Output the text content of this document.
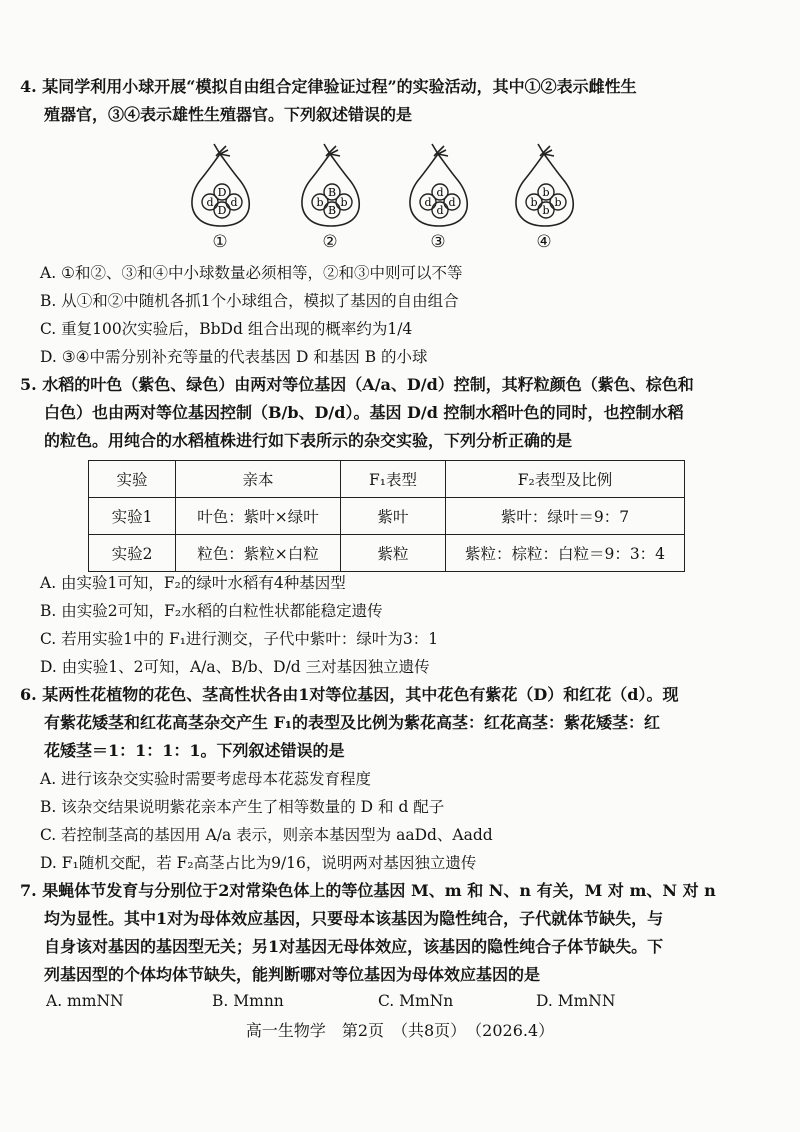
4. 某同学利用小球开展“模拟自由组合定律验证过程”的实验活动，其中①②表示雌性生
殖器官，③④表示雄性生殖器官。下列叙述错误的是
D
d
D
d
①
B
b
B
b
②
d
d
d
d
③
b
b
b
b
④
A. ①和②、③和④中小球数量必须相等，②和③中则可以不等
B. 从①和②中随机各抓1个小球组合，模拟了基因的自由组合
C. 重复100次实验后，BbDd 组合出现的概率约为1/4
D. ③④中需分别补充等量的代表基因 D 和基因 B 的小球
5. 水稻的叶色（紫色、绿色）由两对等位基因（A/a、D/d）控制，其籽粒颜色（紫色、棕色和
白色）也由两对等位基因控制（B/b、D/d）。基因 D/d 控制水稻叶色的同时，也控制水稻
的粒色。用纯合的水稻植株进行如下表所示的杂交实验，下列分析正确的是
实验	亲本	F₁表型	F₂表型及比例
实验1	叶色：紫叶×绿叶	紫叶	紫叶：绿叶＝9：7
实验2	粒色：紫粒×白粒	紫粒	紫粒：棕粒：白粒＝9：3：4
A. 由实验1可知，F₂的绿叶水稻有4种基因型
B. 由实验2可知，F₂水稻的白粒性状都能稳定遗传
C. 若用实验1中的 F₁进行测交，子代中紫叶：绿叶为3：1
D. 由实验1、2可知，A/a、B/b、D/d 三对基因独立遗传
6. 某两性花植物的花色、茎高性状各由1对等位基因，其中花色有紫花（D）和红花（d）。现
有紫花矮茎和红花高茎杂交产生 F₁的表型及比例为紫花高茎：红花高茎：紫花矮茎：红
花矮茎＝1：1：1：1。下列叙述错误的是
A. 进行该杂交实验时需要考虑母本花蕊发育程度
B. 该杂交结果说明紫花亲本产生了相等数量的 D 和 d 配子
C. 若控制茎高的基因用 A/a 表示，则亲本基因型为 aaDd、Aadd
D. F₁随机交配，若 F₂高茎占比为9/16，说明两对基因独立遗传
7. 果蝇体节发育与分别位于2对常染色体上的等位基因 M、m 和 N、n 有关，M 对 m、N 对 n
均为显性。其中1对为母体效应基因，只要母本该基因为隐性纯合，子代就体节缺失，与
自身该对基因的基因型无关；另1对基因无母体效应，该基因的隐性纯合子体节缺失。下
列基因型的个体均体节缺失，能判断哪对等位基因为母体效应基因的是
A. mmNN	B. Mmnn	C. MmNn	D. MmNN
高一生物学　第2页　（共8页）　（2026.4）
